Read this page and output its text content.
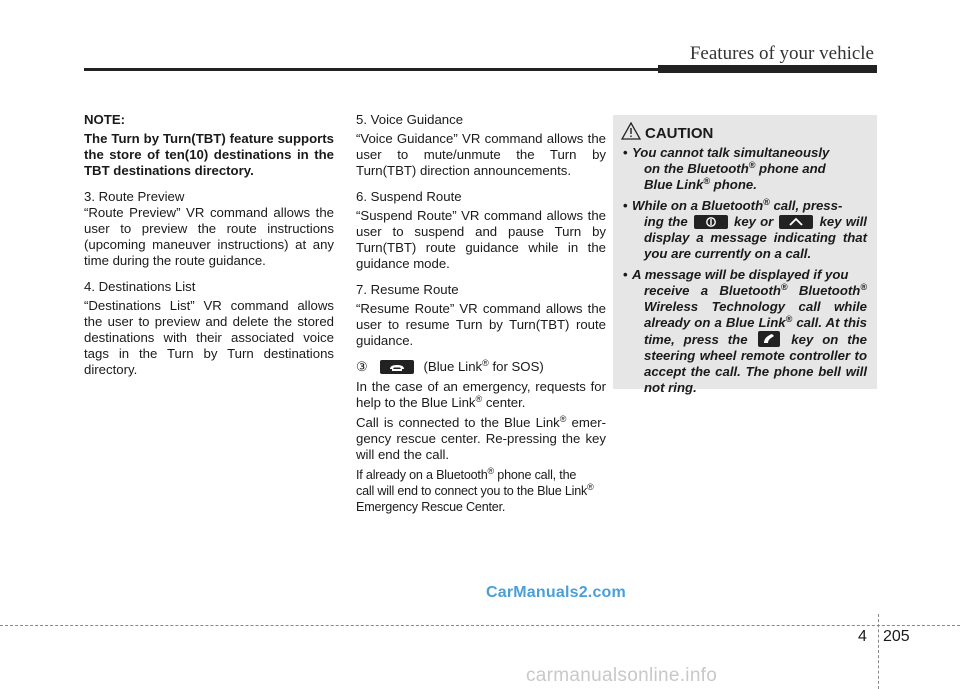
Features of your vehicle

NOTE:

The Turn by Turn(TBT) feature supports the store of ten(10) destinations in the TBT destinations directory.

3. Route Preview

“Route Preview” VR command allows the user to preview the route instructions (upcoming maneuver instructions) at any time during the route guidance.

4. Destinations List

“Destinations List” VR command allows the user to preview and delete the stored destinations with their associated voice tags in the Turn by Turn destinations directory.

5. Voice Guidance

“Voice Guidance” VR command allows the user to mute/unmute the Turn by Turn(TBT) direction announcements.

6. Suspend Route

“Suspend Route” VR command allows the user to suspend and pause Turn by Turn(TBT) route guidance while in the guidance mode.

7. Resume Route

“Resume Route” VR command allows the user to resume Turn by Turn(TBT) route guidance.

③	(Blue Link® for SOS)

In the case of an emergency, requests for help to the Blue Link® center.

Call is connected to the Blue Link® emergency rescue center. Re-pressing the key will end the call.

If already on a Bluetooth® phone call, the
call will end to connect you to the Blue Link®
Emergency Rescue Center.

CAUTION
• You cannot talk simultaneously
on the Bluetooth® phone and
Blue Link® phone.
• While on a Bluetooth® call, press-
ing the	key or	key will display a message indicating that you are currently on a call.
• A message will be displayed if you
receive a Bluetooth® Bluetooth® Wireless Technology call while already on a Blue Link® call. At this time, press the	key on the steering wheel remote controller to accept the call. The phone bell will not ring.
CarManuals2.com
4 205
carmanualsonline.info
